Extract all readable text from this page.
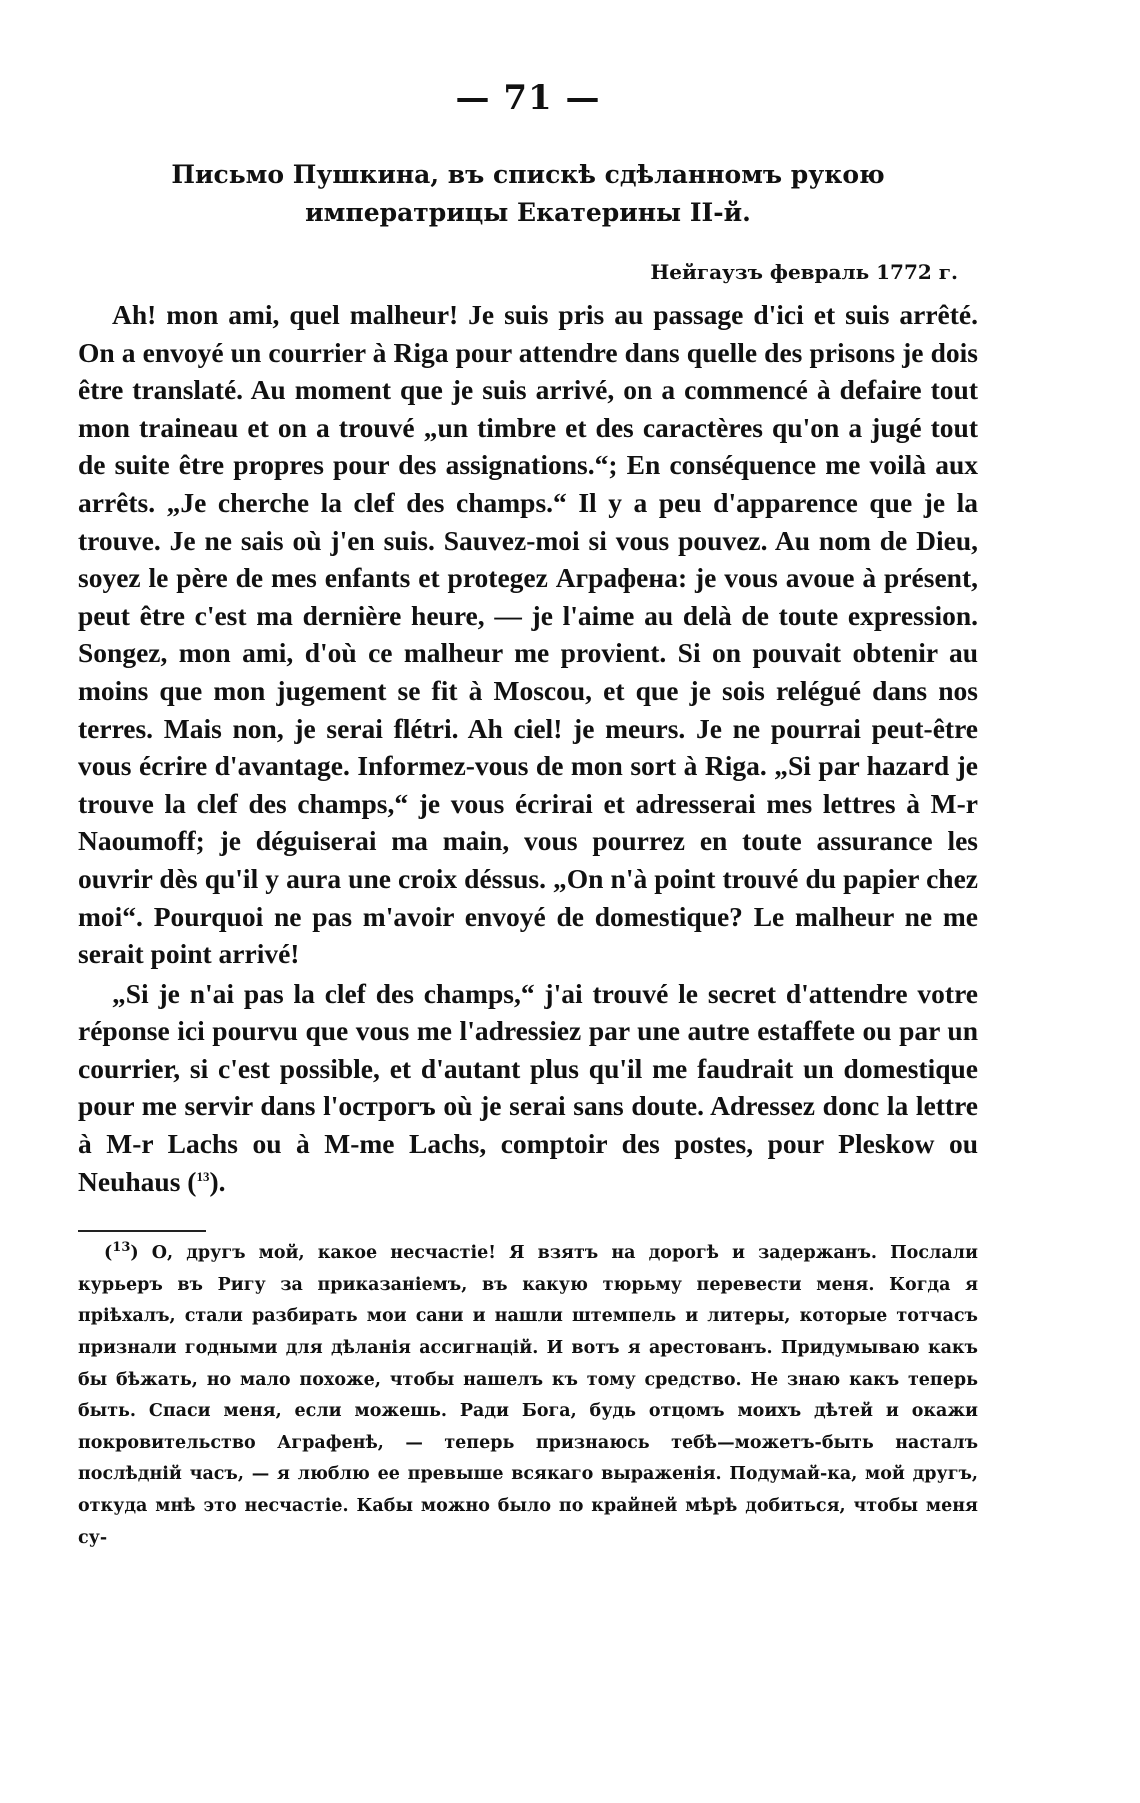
— 71 —
Письмо Пушкина, въ спискѣ сдѣланномъ рукою императрицы Екатерины II-й.
Нейгаузъ февраль 1772 г.

Ah! mon ami, quel malheur! Je suis pris au passage d'ici et suis arrêté. On a envoyé un courrier à Riga pour attendre dans quelle des prisons je dois être translaté. Au moment que je suis arrivé, on a commencé à defaire tout mon traineau et on a trouvé „un timbre et des caractères qu'on a jugé tout de suite être propres pour des assignations.“; En conséquence me voilà aux arrêts. „Je cherche la clef des champs.“ Il y a peu d'apparence que je la trouve. Je ne sais où j'en suis. Sauvez-moi si vous pouvez. Au nom de Dieu, soyez le père de mes enfants et protegez Аграфена: je vous avoue à présent, peut être c'est ma dernière heure, — je l'aime au delà de toute expression. Songez, mon ami, d'où ce malheur me provient. Si on pouvait obtenir au moins que mon jugement se fit à Moscou, et que je sois relégué dans nos terres. Mais non, je serai flétri. Ah ciel! je meurs. Je ne pourrai peut-être vous écrire d'avantage. Informez-vous de mon sort à Riga. „Si par hazard je trouve la clef des champs,“ je vous écrirai et adresserai mes lettres à M-r Naoumoff; je déguiserai ma main, vous pourrez en toute assurance les ouvrir dès qu'il y aura une croix déssus. „On n'à point trouvé du papier chez moi“. Pourquoi ne pas m'avoir envoyé de domestique? Le malheur ne me serait point arrivé!

„Si je n'ai pas la clef des champs,“ j'ai trouvé le secret d'attendre votre réponse ici pourvu que vous me l'adressiez par une autre estaffete ou par un courrier, si c'est possible, et d'autant plus qu'il me faudrait un domestique pour me servir dans l'острогъ où je serai sans doute. Adressez donc la lettre à M-r Lachs ou à M-me Lachs, comptoir des postes, pour Pleskow ou Neuhaus ($^{13}$).

($^{13}$) О, другъ мой, какое несчастіе! Я взятъ на дорогѣ и задержанъ. Послали курьеръ въ Ригу за приказаніемъ, въ какую тюрьму перевести меня. Когда я пріѣхалъ, стали разбирать мои сани и нашли штемпель и литеры, которые тотчасъ признали годными для дѣланія ассигнацій. И вотъ я арестованъ. Придумываю какъ бы бѣжать, но мало похоже, чтобы нашелъ къ тому средство. Не знаю какъ теперь быть. Спаси меня, если можешь. Ради Бога, будь отцомъ моихъ дѣтей и окажи покровительство Аграфенѣ, — теперь признаюсь тебѣ—можетъ-быть насталъ послѣдній часъ, — я люблю ее превыше всякаго выраженія. Подумай-ка, мой другъ, откуда мнѣ это несчастіе. Кабы можно было по крайней мѣрѣ добиться, чтобы меня су-
